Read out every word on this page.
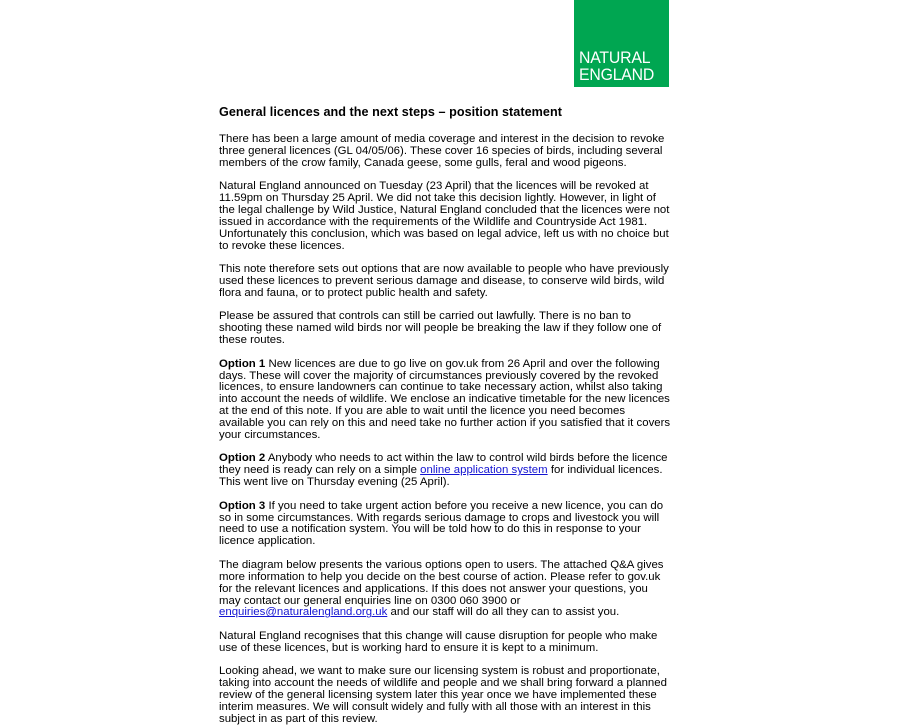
NATURAL
ENGLAND
General licences and the next steps – position statement

There has been a large amount of media coverage and interest in the decision to revoke three general licences (GL 04/05/06). These cover 16 species of birds, including several members of the crow family, Canada geese, some gulls, feral and wood pigeons.

Natural England announced on Tuesday (23 April) that the licences will be revoked at 11.59pm on Thursday 25 April. We did not take this decision lightly. However, in light of the legal challenge by Wild Justice, Natural England concluded that the licences were not issued in accordance with the requirements of the Wildlife and Countryside Act 1981. Unfortunately this conclusion, which was based on legal advice, left us with no choice but to revoke these licences.

This note therefore sets out options that are now available to people who have previously used these licences to prevent serious damage and disease, to conserve wild birds, wild flora and fauna, or to protect public health and safety.

Please be assured that controls can still be carried out lawfully. There is no ban to shooting these named wild birds nor will people be breaking the law if they follow one of these routes.

Option 1 New licences are due to go live on gov.uk from 26 April and over the following days. These will cover the majority of circumstances previously covered by the revoked licences, to ensure landowners can continue to take necessary action, whilst also taking into account the needs of wildlife. We enclose an indicative timetable for the new licences at the end of this note. If you are able to wait until the licence you need becomes available you can rely on this and need take no further action if you satisfied that it covers your circumstances.

Option 2 Anybody who needs to act within the law to control wild birds before the licence they need is ready can rely on a simple online application system for individual licences. This went live on Thursday evening (25 April).

Option 3 If you need to take urgent action before you receive a new licence, you can do so in some circumstances. With regards serious damage to crops and livestock you will need to use a notification system. You will be told how to do this in response to your licence application.

The diagram below presents the various options open to users. The attached Q&A gives more information to help you decide on the best course of action. Please refer to gov.uk for the relevant licences and applications. If this does not answer your questions, you may contact our general enquiries line on 0300 060 3900 or enquiries@naturalengland.org.uk and our staff will do all they can to assist you.

Natural England recognises that this change will cause disruption for people who make use of these licences, but is working hard to ensure it is kept to a minimum.

Looking ahead, we want to make sure our licensing system is robust and proportionate, taking into account the needs of wildlife and people and we shall bring forward a planned review of the general licensing system later this year once we have implemented these interim measures. We will consult widely and fully with all those with an interest in this subject in as part of this review.
